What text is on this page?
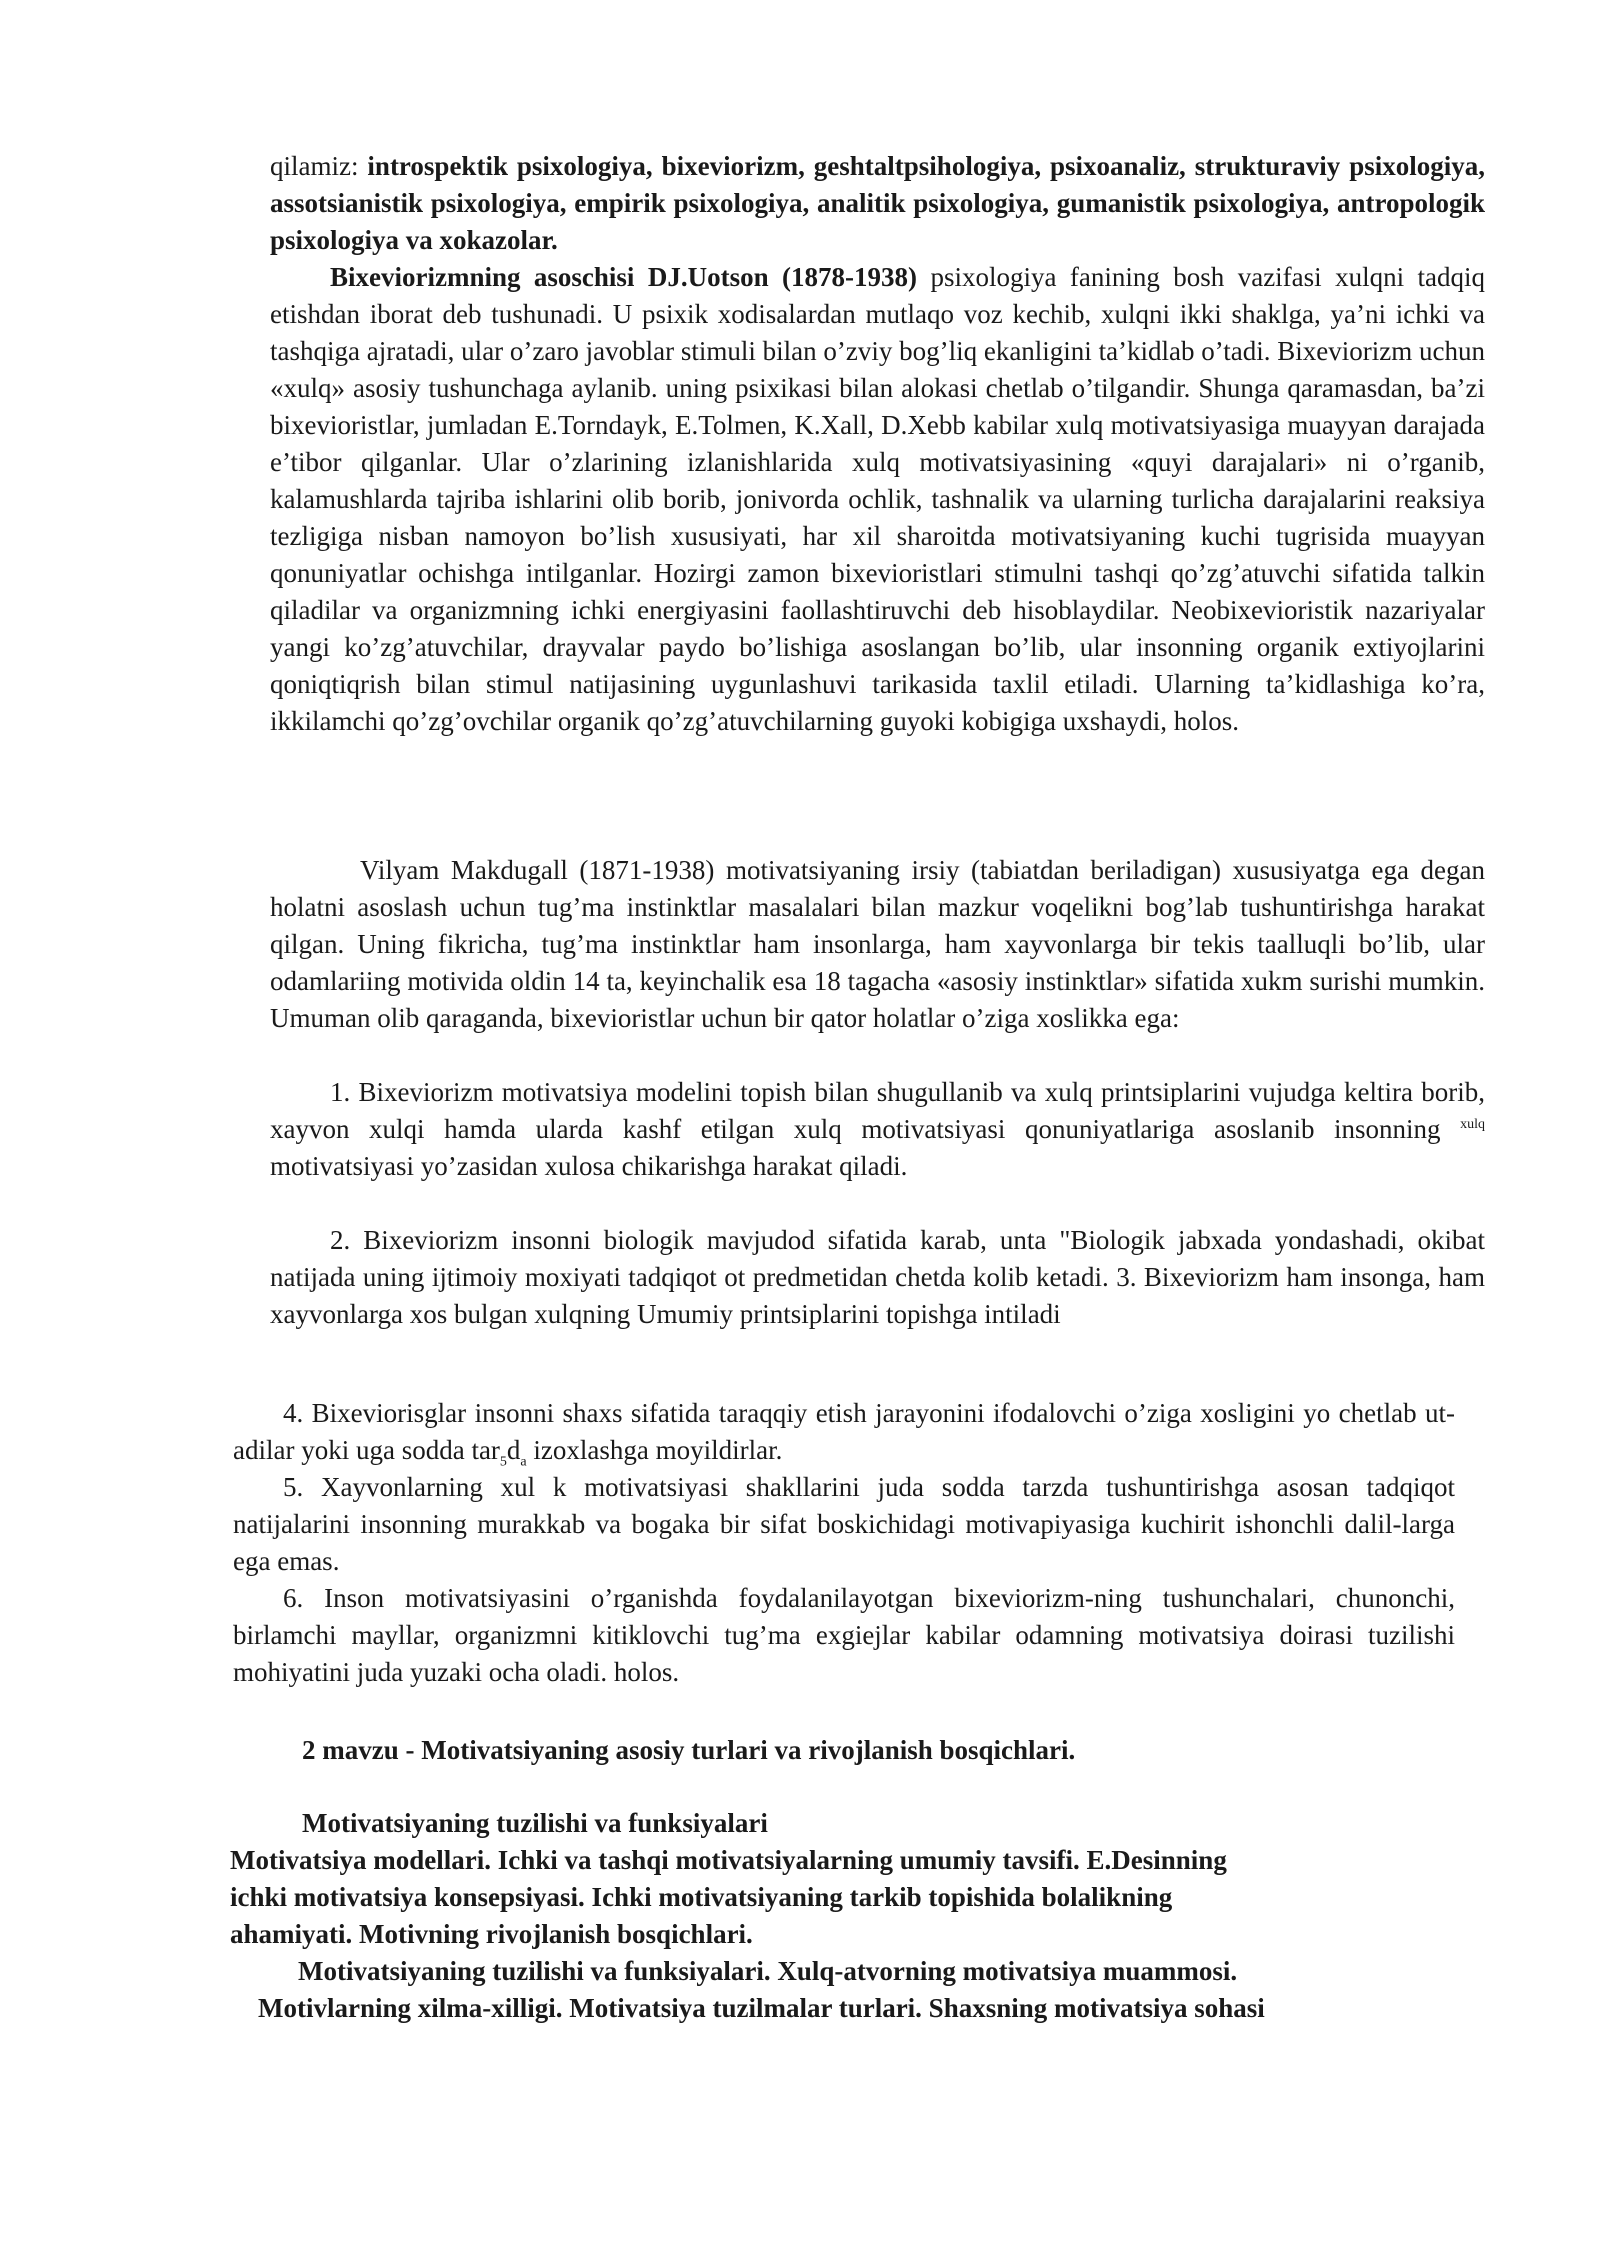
qilamiz: introspektik psixologiya, bixeviorizm, geshtaltpsihologiya, psixoanaliz, strukturaviy psixologiya, assotsianistik psixologiya, empirik psixologiya, analitik psixologiya, gumanistik psixologiya, antropologik psixologiya va xokazolar.

Bixeviorizmning asoschisi DJ.Uotson (1878-1938) psixologiya fanining bosh vazifasi xulqni tadqiq etishdan iborat deb tushunadi. U psixik xodisalardan mutlaqo voz kechib, xulqni ikki shaklga, ya’ni ichki va tashqiga ajratadi, ular o’zaro javoblar stimuli bilan o’zviy bog’liq ekanligini ta’kidlab o’tadi. Bixeviorizm uchun «xulq» asosiy tushunchaga aylanib. uning psixikasi bilan alokasi chetlab o’tilgandir. Shunga qaramasdan, ba’zi bixevioristlar, jumladan E.Torndayk, E.Tolmen, K.Xall, D.Xebb kabilar xulq motivatsiyasiga muayyan darajada e’tibor qilganlar. Ular o’zlarining izlanishlarida xulq motivatsiyasining «quyi darajalari» ni o’rganib, kalamushlarda tajriba ishlarini olib borib, jonivorda ochlik, tashnalik va ularning turlicha darajalarini reaksiya tezligiga nisban namoyon bo’lish xususiyati, har xil sharoitda motivatsiyaning kuchi tugrisida muayyan qonuniyatlar ochishga intilganlar. Hozirgi zamon bixevioristlari stimulni tashqi qo’zg’atuvchi sifatida talkin qiladilar va organizmning ichki energiyasini faollashtiruvchi deb hisoblaydilar. Neobixevioristik nazariyalar yangi ko’zg’atuvchilar, drayvalar paydo bo’lishiga asoslangan bo’lib, ular insonning organik extiyojlarini qoniqtiqrish bilan stimul natijasining uygunlashuvi tarikasida taxlil etiladi. Ularning ta’kidlashiga ko’ra, ikkilamchi qo’zg’ovchilar organik qo’zg’atuvchilarning guyoki kobigiga uxshaydi, holos.

Vilyam Makdugall (1871-1938) motivatsiyaning irsiy (tabiatdan beriladigan) xususiyatga ega degan holatni asoslash uchun tug’ma instinktlar masalalari bilan mazkur voqelikni bog’lab tushuntirishga harakat qilgan. Uning fikricha, tug’ma instinktlar ham insonlarga, ham xayvonlarga bir tekis taalluqli bo’lib, ular odamlariing motivida oldin 14 ta, keyinchalik esa 18 tagacha «asosiy instinktlar» sifatida xukm surishi mumkin. Umuman olib qaraganda, bixevioristlar uchun bir qator holatlar o’ziga xoslikka ega:

1. Bixeviorizm motivatsiya modelini topish bilan shugullanib va xulq printsiplarini vujudga keltira borib, xayvon xulqi hamda ularda kashf etilgan xulq motivatsiyasi qonuniyatlariga asoslanib insonning $^{xulq}$ motivatsiyasi yo’zasidan xulosa chikarishga harakat qiladi.

2. Bixeviorizm insonni biologik mavjudod sifatida karab, unta "Biologik jabxada yondashadi, okibat natijada uning ijtimoiy moxiyati tadqiqot ot predmetidan chetda kolib ketadi. 3. Bixeviorizm ham insonga, ham xayvonlarga xos bulgan xulqning Umumiy printsiplarini topishga intiladi

4. Bixeviorisglar insonni shaxs sifatida taraqqiy etish jarayonini ifodalovchi o’ziga xosligini yo chetlab ut-adilar yoki uga sodda $tar_5d_a$ izoxlashga moyildirlar.

5. Xayvonlarning xul k motivatsiyasi shakllarini juda sodda tarzda tushuntirishga asosan tadqiqot natijalarini insonning murakkab va bogaka bir sifat boskichidagi motivapiyasiga kuchirit ishonchli dalil-larga ega emas.

6. Inson motivatsiyasini o’rganishda foydalanilayotgan bixeviorizm-ning tushunchalari, chunonchi, birlamchi mayllar, organizmni kitiklovchi tug’ma exgiejlar kabilar odamning motivatsiya doirasi tuzilishi mohiyatini juda yuzaki ocha oladi. holos.

2 mavzu - Motivatsiyaning asosiy turlari va rivojlanish bosqichlari.

Motivatsiyaning tuzilishi va funksiyalari

Motivatsiya modellari. Ichki va tashqi motivatsiyalarning umumiy tavsifi. E.Desinning

ichki motivatsiya konsepsiyasi. Ichki motivatsiyaning tarkib topishida bolalikning

ahamiyati. Motivning rivojlanish bosqichlari.

Motivatsiyaning tuzilishi va funksiyalari. Xulq-atvorning motivatsiya muammosi.

Motivlarning xilma-xilligi. Motivatsiya tuzilmalar turlari. Shaxsning motivatsiya sohasi
